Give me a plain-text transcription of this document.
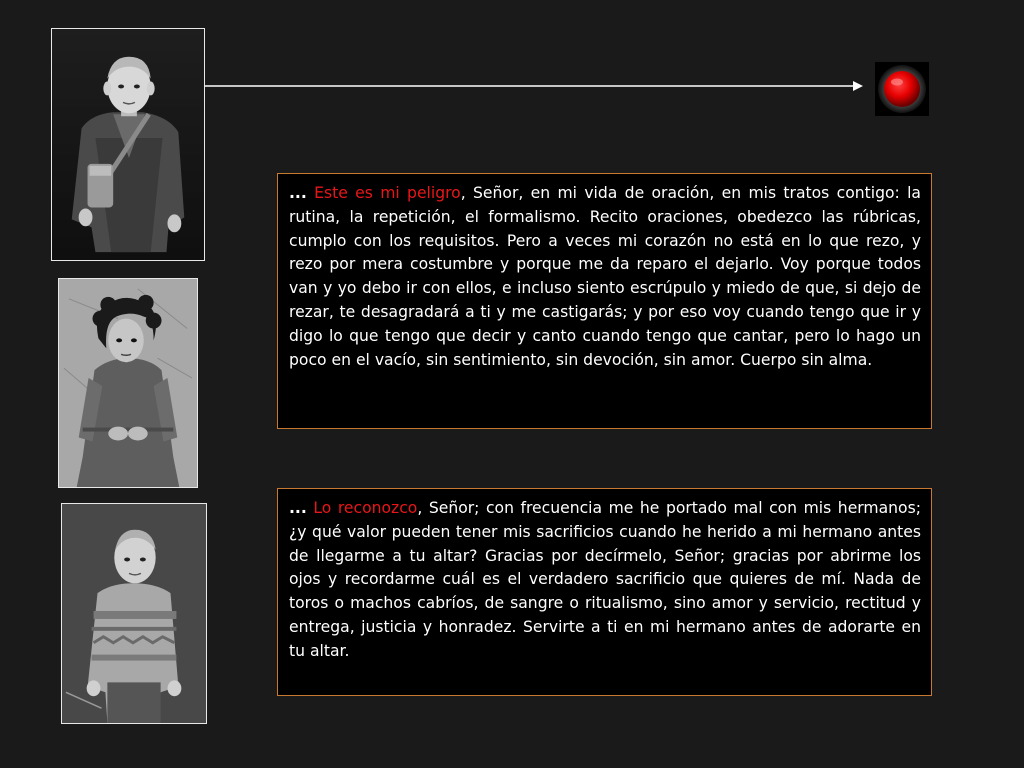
... Este es mi peligro, Señor, en mi vida de oración, en mis tratos contigo: la rutina, la repetición, el formalismo. Recito oraciones, obedezco las rúbricas, cumplo con los requisitos. Pero a veces mi corazón no está en lo que rezo, y rezo por mera costumbre y porque me da reparo el dejarlo. Voy porque todos van y yo debo ir con ellos, e incluso siento escrúpulo y miedo de que, si dejo de rezar, te desagradará a ti y me castigarás; y por eso voy cuando tengo que ir y digo lo que tengo que decir y canto cuando tengo que cantar, pero lo hago un poco en el vacío, sin sentimiento, sin devoción, sin amor. Cuerpo sin alma.
... Lo reconozco, Señor; con frecuencia me he portado mal con mis hermanos; ¿y qué valor pueden tener mis sacrificios cuando he herido a mi hermano antes de llegarme a tu altar? Gracias por decírmelo, Señor; gracias por abrirme los ojos y recordarme cuál es el verdadero sacrificio que quieres de mí. Nada de toros o machos cabríos, de sangre o ritualismo, sino amor y servicio, rectitud y entrega, justicia y honradez. Servirte a ti en mi hermano antes de adorarte en tu altar.
